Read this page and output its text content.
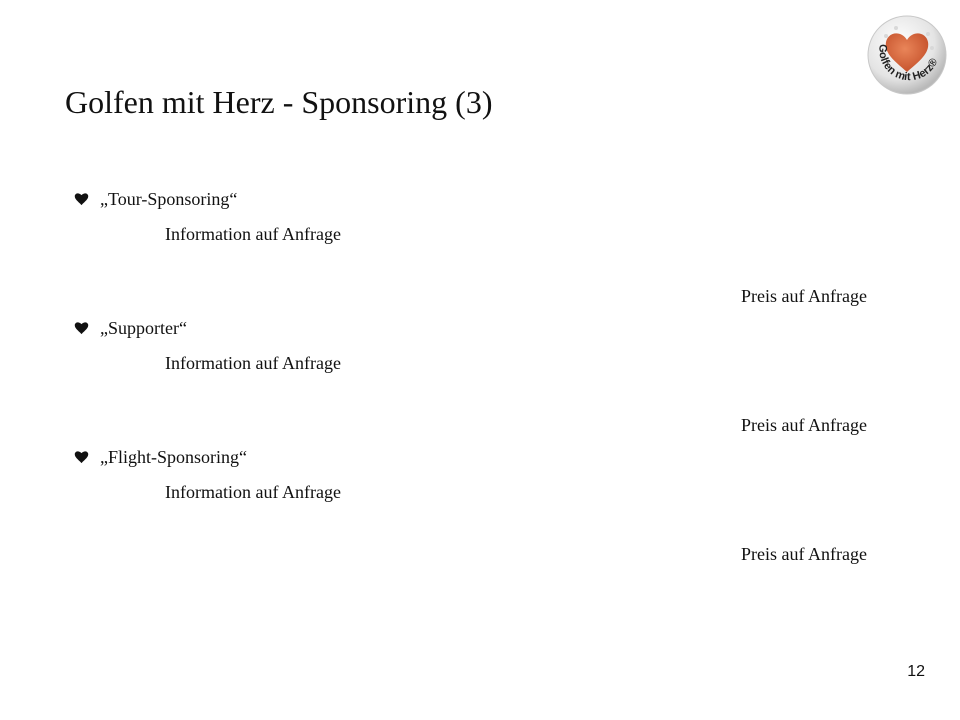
Golfen mit Herz - Sponsoring (3)
Golfen mit Herz®
„Tour-Sponsoring“
Information auf Anfrage
Preis auf Anfrage
„Supporter“
Information auf Anfrage
Preis auf Anfrage
„Flight-Sponsoring“
Information auf Anfrage
Preis auf Anfrage
12
